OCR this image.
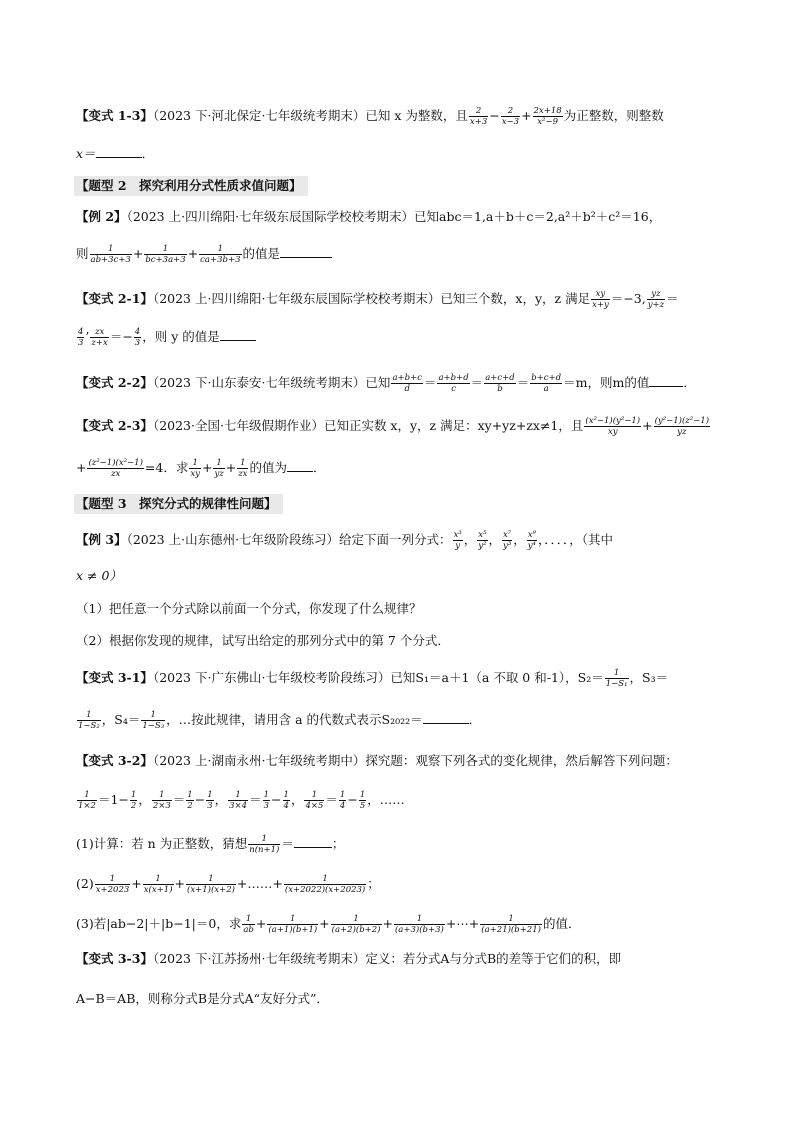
【变式 1-3】（2023 下·河北保定·七年级统考期末）已知 x 为整数，且 $\frac{2}{x+3} - \frac{2}{x-3} + \frac{2x+18}{\text{x²−9}}$ 为正整数，则整数
x＝	．
【题型 2　探究利用分式性质求值问题】
【例 2】（2023 上·四川绵阳·七年级东辰国际学校校考期末）已知abc＝1,a＋b＋c＝2,a²＋b²＋c²＝16，
则 $\frac{1}{ab+3c+3} + \frac{1}{bc+3a+3} + \frac{1}{ca+3b+3}$ 的值是
【变式 2-1】（2023 上·四川绵阳·七年级东辰国际学校校考期末）已知三个数，x，y，z 满足 $\frac{xy}{x+y} =-3$, $\frac{yz}{y+z}$ ＝
$\frac{4}{3}$ ’ $\frac{zx}{z+x} =- \frac{4}{3}$ ，则 y 的值是
【变式 2-2】（2023 下·山东泰安·七年级统考期末）已知 $\frac{a+b+c}{d} = \frac{a+b+d}{c} = \frac{a+c+d}{b} = \frac{b+c+d}{a} =m$，则m的值	．
【变式 2-3】（2023·全国·七年级假期作业）已知正实数 x，y，z 满足：xy+yz+zx≠1，且 $\frac{\text{(x²−1)(y²−1)}}{xy} + \frac{\text{(y²−1)(z²−1)}}{yz}$
+ $\frac{\text{(z²−1)(x²−1)}}{zx} =4$．求 $\frac{1}{xy} + \frac{1}{yz} + \frac{1}{zx}$ 的值为 ．
【题型 3　探究分式的规律性问题】
【例 3】（2023 上·山东德州·七年级阶段练习）给定下面一列分式： $\frac{\text{x³}}{y}$ ， $\frac{\text{x⁵}}{\text{y²}}$ ， $\frac{\text{x⁷}}{\text{y³}}$ ， $\frac{\text{x⁹}}{\text{y⁴}}$ ，．．．．，（其中
x ≠ 0）
（1）把任意一个分式除以前面一个分式，你发现了什么规律？
（2）根据你发现的规律，试写出给定的那列分式中的第 7 个分式．
【变式 3-1】（2023 下·广东佛山·七年级校考阶段练习）已知S₁＝a＋1（a 不取 0 和-1），$S_2= \frac{1}{\text{1−S₁}}$ ，S₃＝
$\frac{1}{\text{1−S₂}}$ ，$S_4= \frac{1}{\text{1−S₃}}$ ，…按此规律，请用含 a 的代数式表示S₂₀₂₂＝	．
【变式 3-2】（2023 上·湖南永州·七年级统考期中）探究题：观察下列各式的变化规律，然后解答下列问题：
$\frac{1}{1\times 2} =1- \frac{1}{2}$ ， $\frac{1}{2\times 3} = \frac{1}{2} - \frac{1}{3}$ ， $\frac{1}{3\times 4} = \frac{1}{3} - \frac{1}{4}$ ， $\frac{1}{4\times 5} = \frac{1}{4} - \frac{1}{5}$ ，……
(1)计算：若 n 为正整数，猜想 $\frac{1}{n(n+1)}$ ＝	；
$(2) \frac{1}{x+2023} + \frac{1}{x(x+1)} + \frac{1}{(x+1)(x+2)}$ +……+ $\frac{1}{(x+2022)(x+2023)}$ ；
(3)若|ab−2|＋|b−1|＝0，求 $\frac{1}{ab} + \frac{1}{(a+1)(b+1)} + \frac{1}{(a+2)(b+2)} + \frac{1}{(a+3)(b+3)}$ +⋯+ $\frac{1}{(a+21)(b+21)}$ 的值．
【变式 3-3】（2023 下·江苏扬州·七年级统考期末）定义：若分式A与分式B的差等于它们的积，即
A−B＝AB，则称分式B是分式A“友好分式”．
